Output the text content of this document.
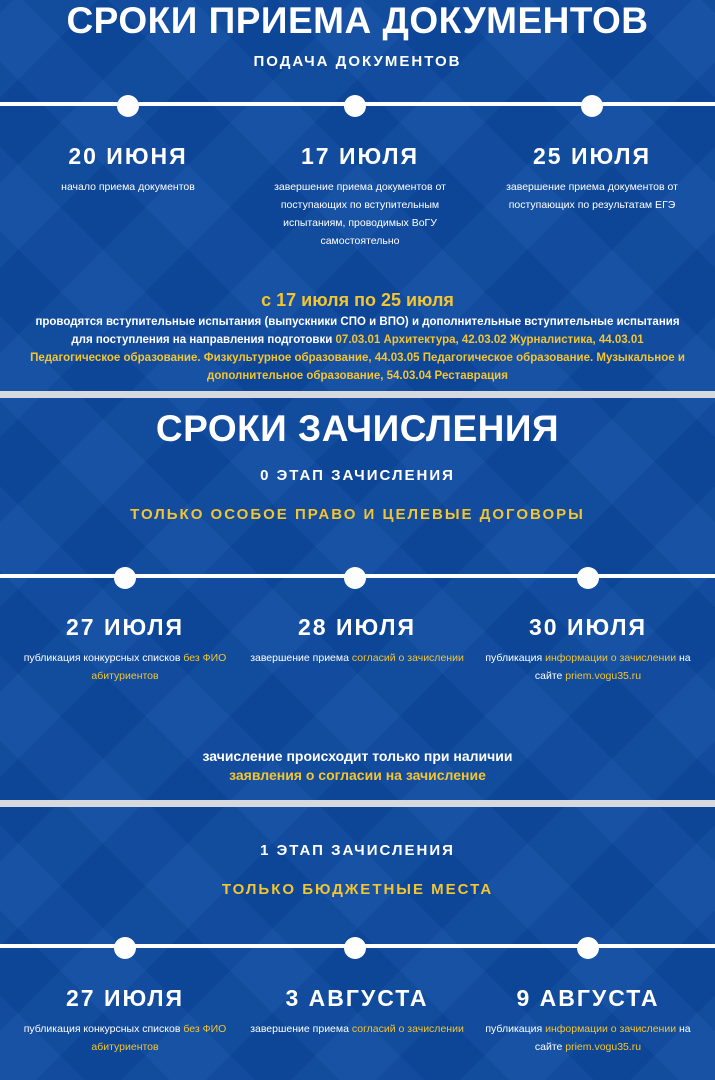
СРОКИ ПРИЕМА ДОКУМЕНТОВ
ПОДАЧА ДОКУМЕНТОВ
20 ИЮНЯ
начало приема документов
17 ИЮЛЯ
завершение приема документов от поступающих по вступительным испытаниям, проводимых ВоГУ самостоятельно
25 ИЮЛЯ
завершение приема документов от поступающих по результатам ЕГЭ
с 17 июля по 25 июля
проводятся вступительные испытания (выпускники СПО и ВПО) и дополнительные вступительные испытания для поступления на направления подготовки 07.03.01 Архитектура, 42.03.02 Журналистика, 44.03.01 Педагогическое образование. Физкультурное образование, 44.03.05 Педагогическое образование. Музыкальное и дополнительное образование, 54.03.04 Реставрация
СРОКИ ЗАЧИСЛЕНИЯ
0 ЭТАП ЗАЧИСЛЕНИЯ
ТОЛЬКО ОСОБОЕ ПРАВО И ЦЕЛЕВЫЕ ДОГОВОРЫ
27 ИЮЛЯ
публикация конкурсных списков без ФИО абитуриентов
28 ИЮЛЯ
завершение приема согласий о зачислении
30 ИЮЛЯ
публикация информации о зачислении на сайте priem.vogu35.ru
зачисление происходит только при наличии
заявления о согласии на зачисление
1 ЭТАП ЗАЧИСЛЕНИЯ
ТОЛЬКО БЮДЖЕТНЫЕ МЕСТА
27 ИЮЛЯ
публикация конкурсных списков без ФИО абитуриентов
3 АВГУСТА
завершение приема согласий о зачислении
9 АВГУСТА
публикация информации о зачислении на сайте priem.vogu35.ru
